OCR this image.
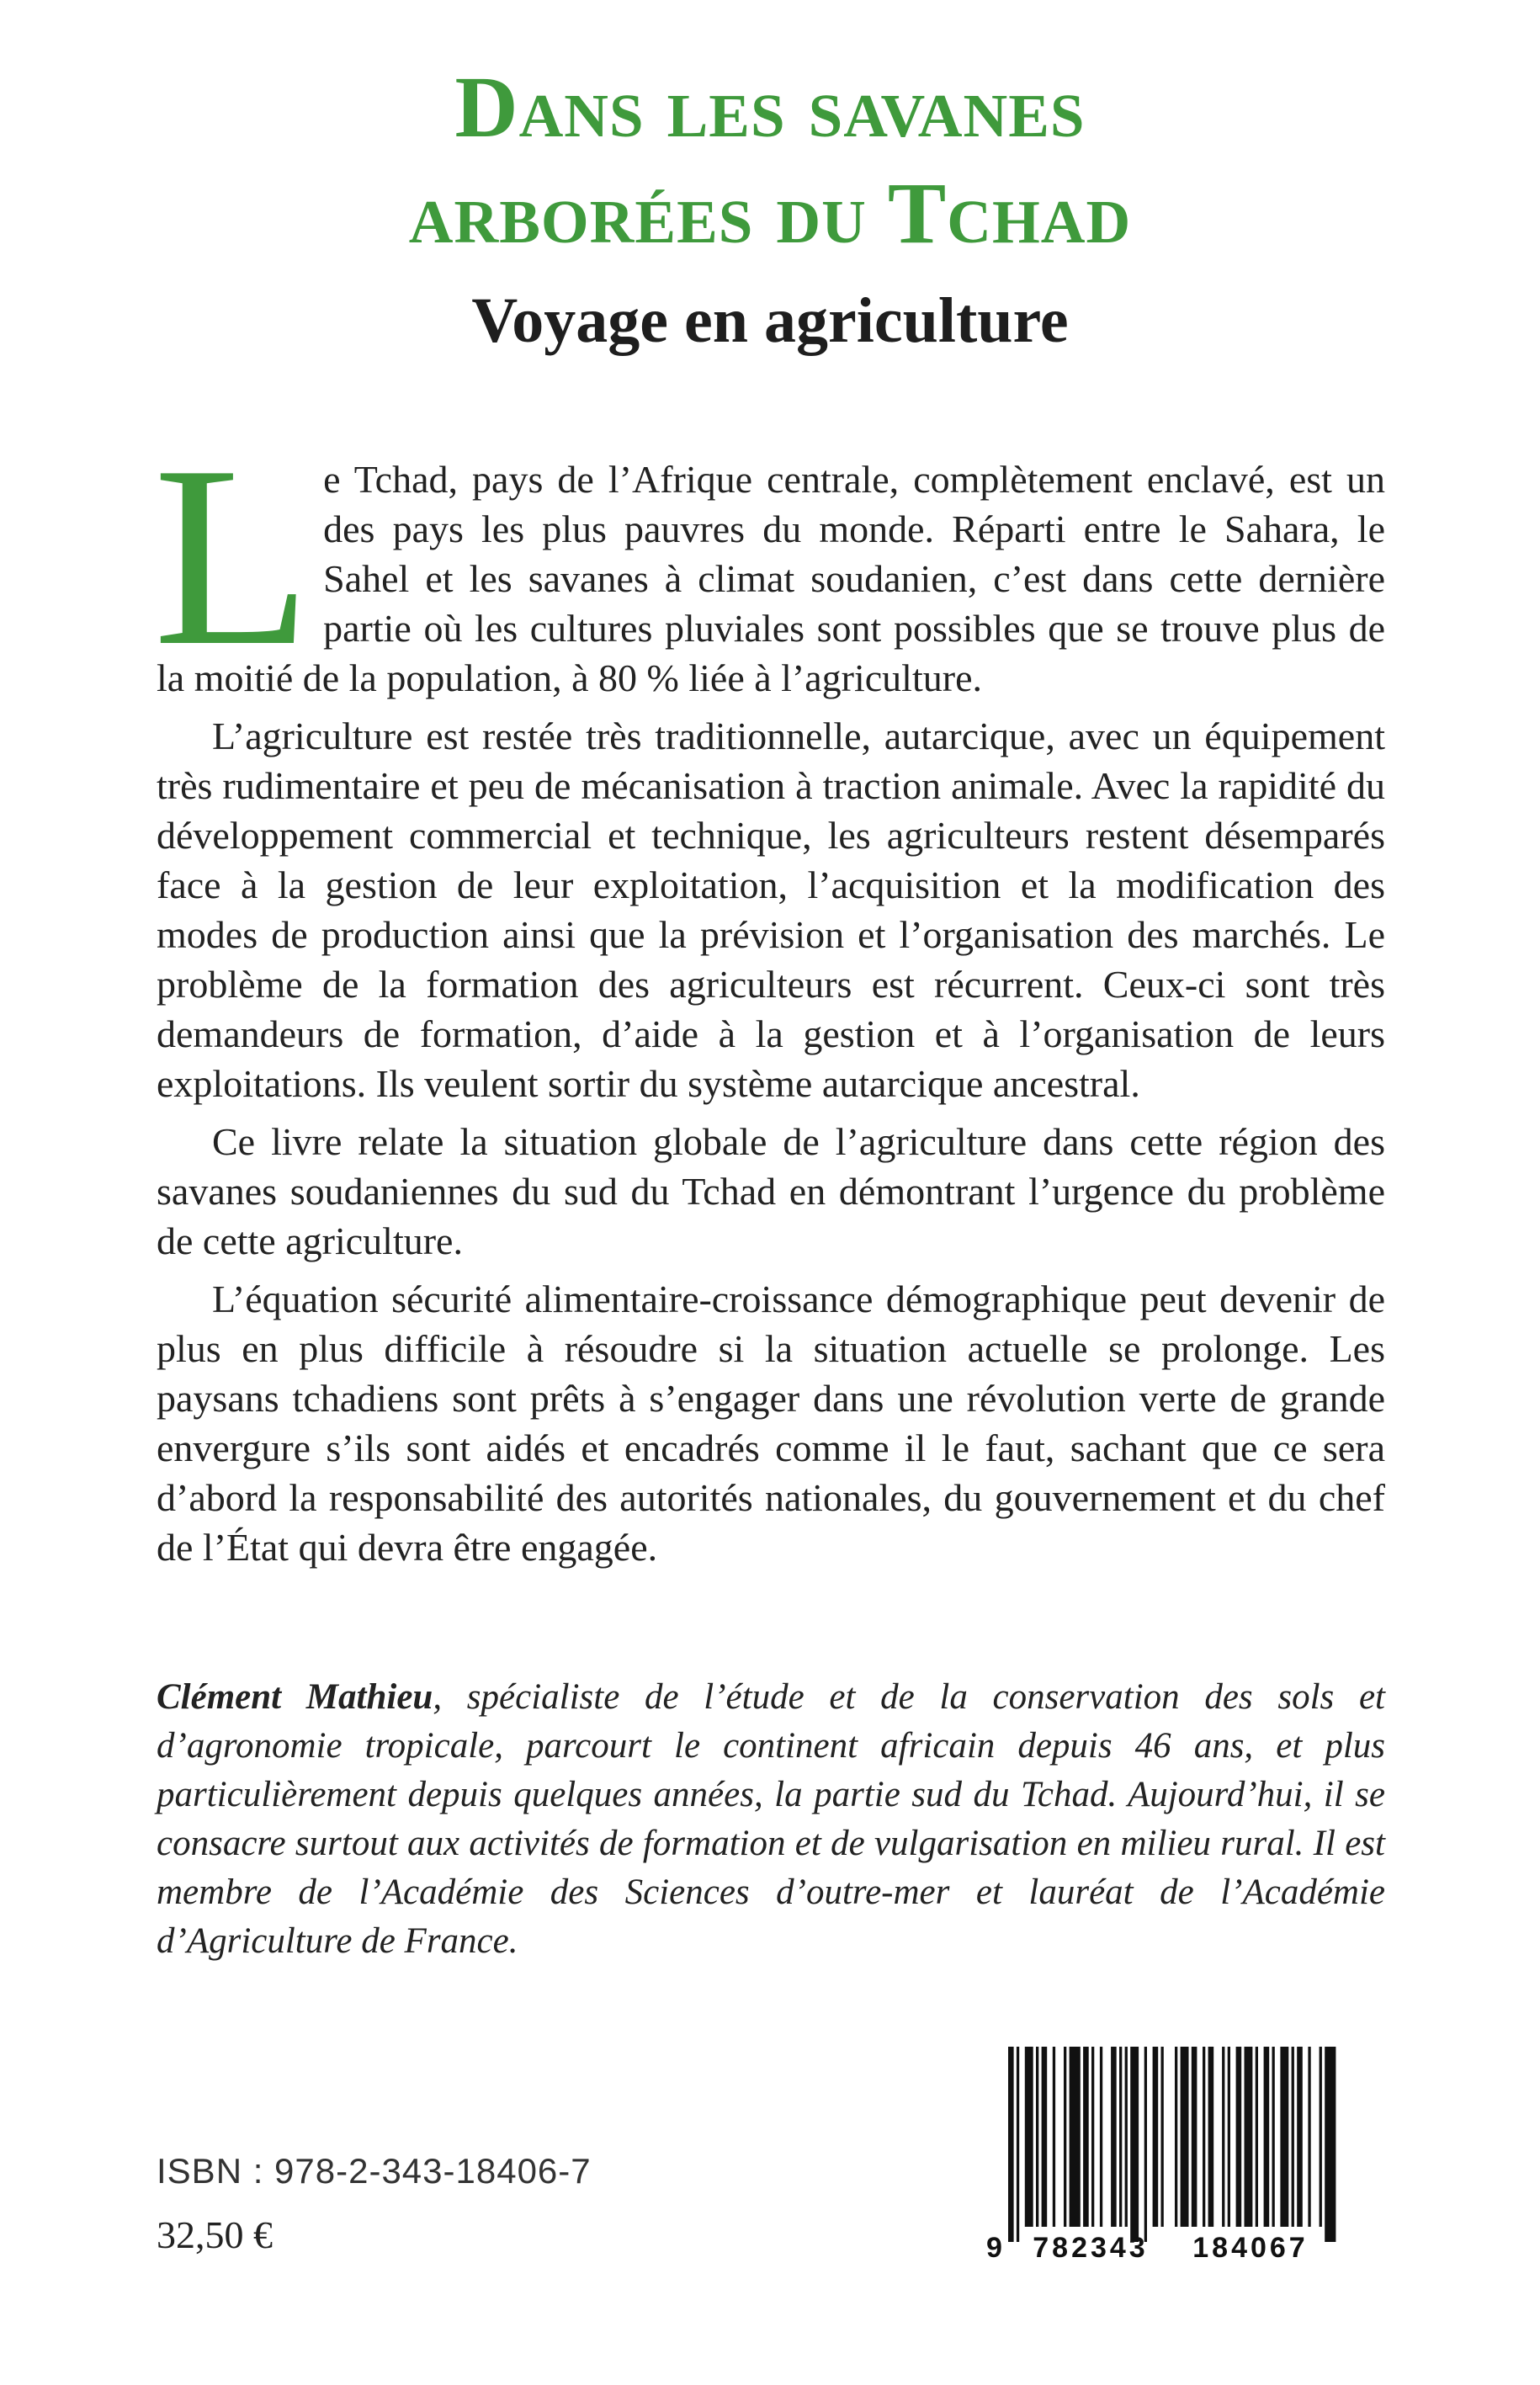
Dans les savanes
arborées du Tchad
Voyage en agriculture

Le Tchad, pays de l’Afrique centrale, complètement enclavé, est un des pays les plus pauvres du monde. Réparti entre le Sahara, le Sahel et les savanes à climat soudanien, c’est dans cette dernière partie où les cultures pluviales sont possibles que se trouve plus de la moitié de la population, à 80 % liée à l’agriculture.

L’agriculture est restée très traditionnelle, autarcique, avec un équipement très rudimentaire et peu de mécanisation à traction animale. Avec la rapidité du développement commercial et technique, les agriculteurs restent désemparés face à la gestion de leur exploitation, l’acquisition et la modification des modes de production ainsi que la prévision et l’organisation des marchés. Le problème de la formation des agriculteurs est récurrent. Ceux-ci sont très demandeurs de formation, d’aide à la gestion et à l’organisation de leurs exploitations. Ils veulent sortir du système autarcique ancestral.

Ce livre relate la situation globale de l’agriculture dans cette région des savanes soudaniennes du sud du Tchad en démontrant l’urgence du problème de cette agriculture.

L’équation sécurité alimentaire-croissance démographique peut devenir de plus en plus difficile à résoudre si la situation actuelle se prolonge. Les paysans tchadiens sont prêts à s’engager dans une révolution verte de grande envergure s’ils sont aidés et encadrés comme il le faut, sachant que ce sera d’abord la responsabilité des autorités nationales, du gouvernement et du chef de l’État qui devra être engagée.

Clément Mathieu, spécialiste de l’étude et de la conservation des sols et d’agronomie tropicale, parcourt le continent africain depuis 46 ans, et plus particulièrement depuis quelques années, la partie sud du Tchad. Aujourd’hui, il se consacre surtout aux activités de formation et de vulgarisation en milieu rural. Il est membre de l’Académie des Sciences d’outre-mer et lauréat de l’Académie d’Agriculture de France.
ISBN : 978-2-343-18406-7
32,50 €	9 782343 184067
